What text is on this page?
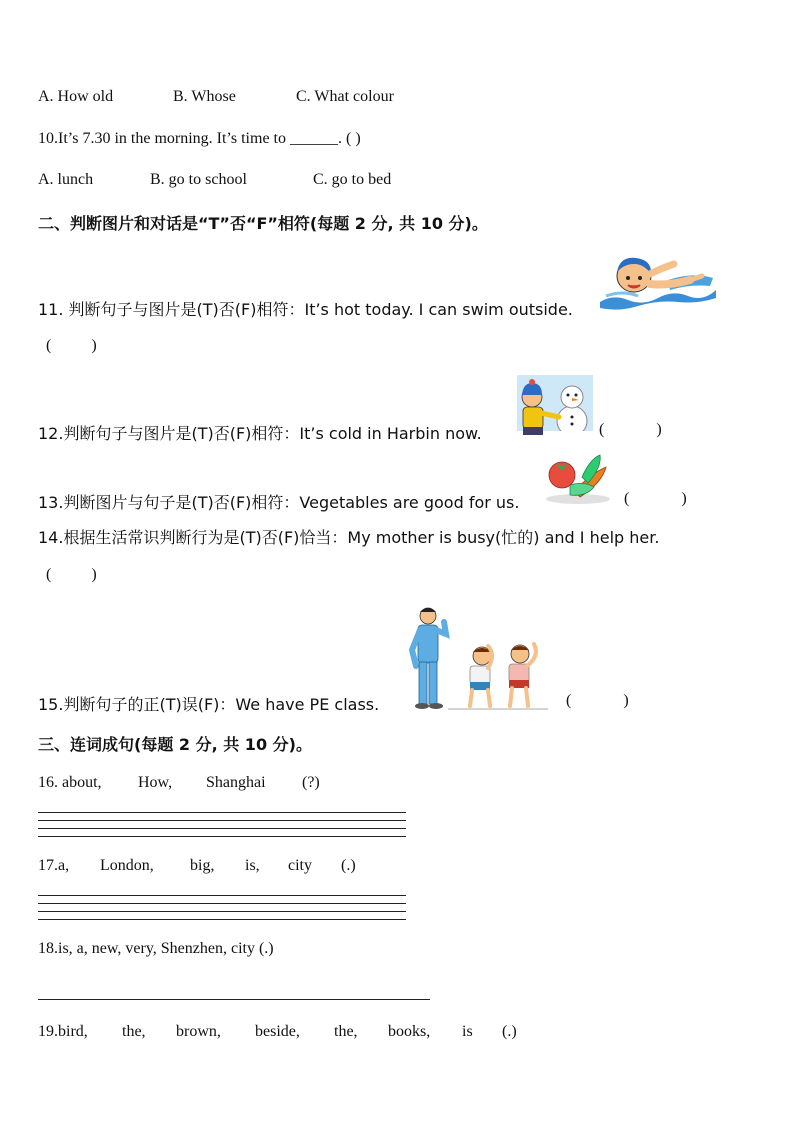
A. How old	B. Whose	C. What colour
10.It’s 7.30 in the morning. It’s time to ______. ( )
A. lunch	B. go to school	C. go to bed
二、判断图片和对话是“T”否“F”相符(每题 2 分, 共 10 分)。
11. 判断句子与图片是(T)否(F)相符：It’s hot today. I can swim outside.
(          )
12.判断句子与图片是(T)否(F)相符：It’s cold in Harbin now.	(             )
13.判断图片与句子是(T)否(F)相符：Vegetables are good for us.	(             )
14.根据生活常识判断行为是(T)否(F)恰当：My mother is busy(忙的) and I help her.
(          )
15.判断句子的正(T)误(F)：We have PE class.	(             )
三、连词成句(每题 2 分, 共 10 分)。
16. about, How, Shanghai (?)
17.a, London, big, is, city (.)
18.is, a, new, very, Shenzhen, city (.)
19.bird, the, brown, beside, the, books, is (.)
